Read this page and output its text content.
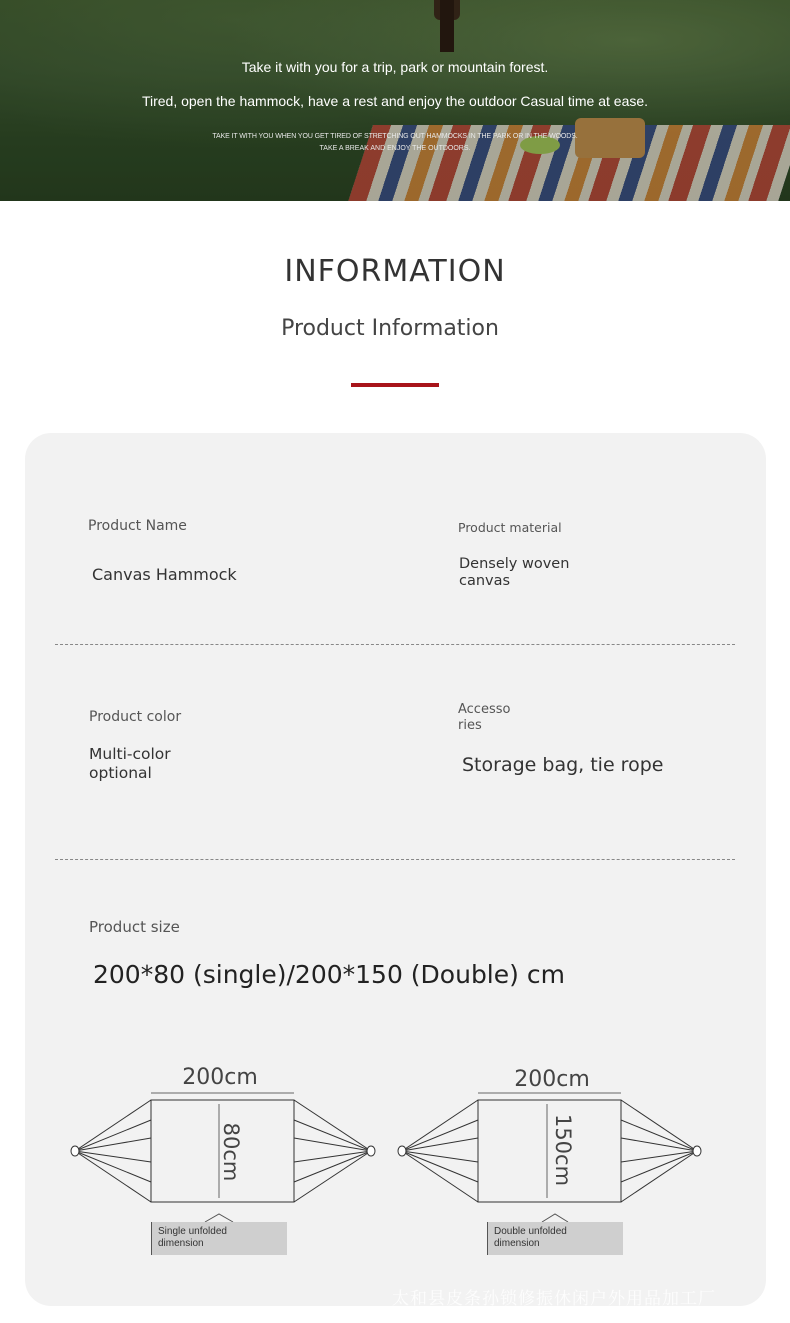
Take it with you for a trip, park or mountain forest.
Tired, open the hammock, have a rest and enjoy the outdoor Casual time at ease.
TAKE IT WITH YOU WHEN YOU GET TIRED OF STRETCHING OUT HAMMOCKS IN THE PARK OR IN THE WOODS.
TAKE A BREAK AND ENJOY THE OUTDOORS.
INFORMATION
Product Information
Product Name
Canvas Hammock
Product material
Densely woven
canvas
Product color
Multi-color
optional
Accesso
ries
Storage bag, tie rope
Product size
200*80 (single)/200*150 (Double) cm
200cm
80cm
200cm
150cm
Single unfolded
dimension
Double unfolded
dimension
太和县皮条孙锁修振休闲户外用品加工厂
